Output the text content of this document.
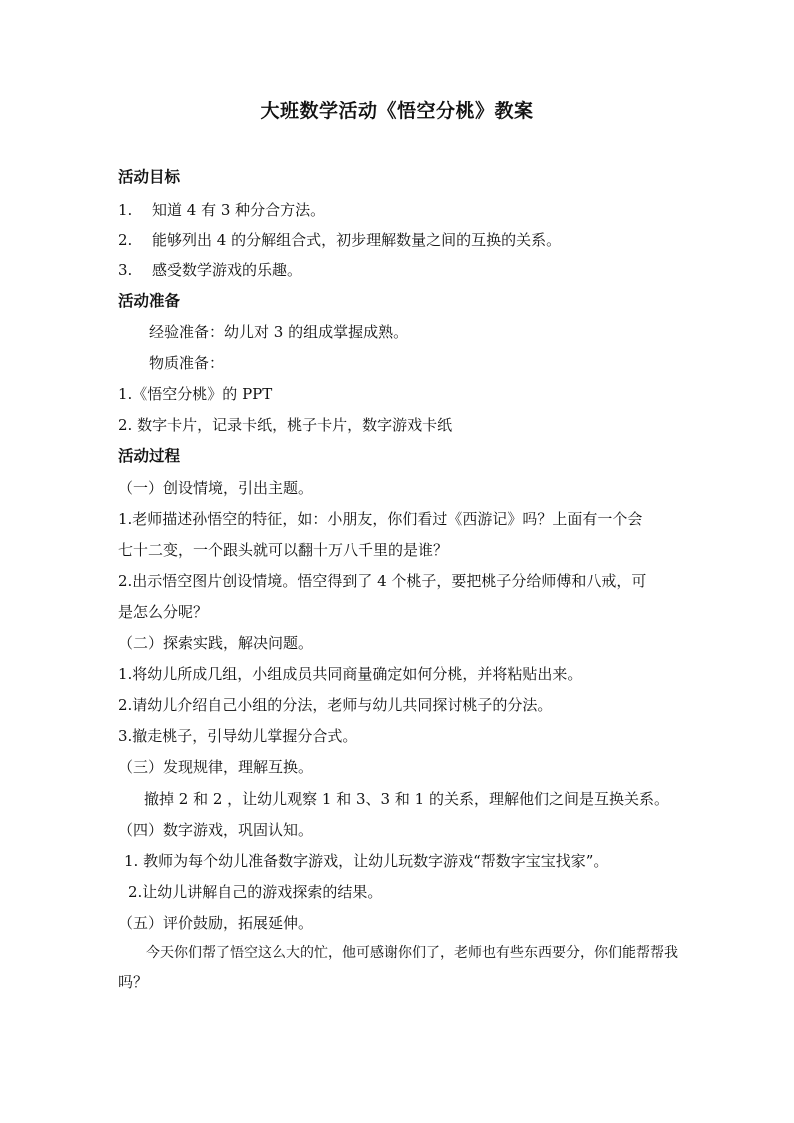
大班数学活动《悟空分桃》教案
活动目标
1. 知道 4 有 3 种分合方法。
2. 能够列出 4 的分解组合式，初步理解数量之间的互换的关系。
3. 感受数学游戏的乐趣。
活动准备
经验准备：幼儿对 3 的组成掌握成熟。
物质准备：
1.《悟空分桃》的 PPT
2. 数字卡片，记录卡纸，桃子卡片，数字游戏卡纸
活动过程
（一）创设情境，引出主题。
1.老师描述孙悟空的特征，如：小朋友，你们看过《西游记》吗？上面有一个会
七十二变，一个跟头就可以翻十万八千里的是谁？
2.出示悟空图片创设情境。悟空得到了 4 个桃子，要把桃子分给师傅和八戒，可
是怎么分呢？
（二）探索实践，解决问题。
1.将幼儿所成几组，小组成员共同商量确定如何分桃，并将粘贴出来。
2.请幼儿介绍自己小组的分法，老师与幼儿共同探讨桃子的分法。
3.撤走桃子，引导幼儿掌握分合式。
（三）发现规律，理解互换。
撤掉 2 和 2 ，让幼儿观察 1 和 3、3 和 1 的关系，理解他们之间是互换关系。
（四）数字游戏，巩固认知。
1. 教师为每个幼儿准备数字游戏，让幼儿玩数字游戏“帮数字宝宝找家”。
2.让幼儿讲解自己的游戏探索的结果。
（五）评价鼓励，拓展延伸。
今天你们帮了悟空这么大的忙，他可感谢你们了，老师也有些东西要分，你们能帮帮我
吗？
